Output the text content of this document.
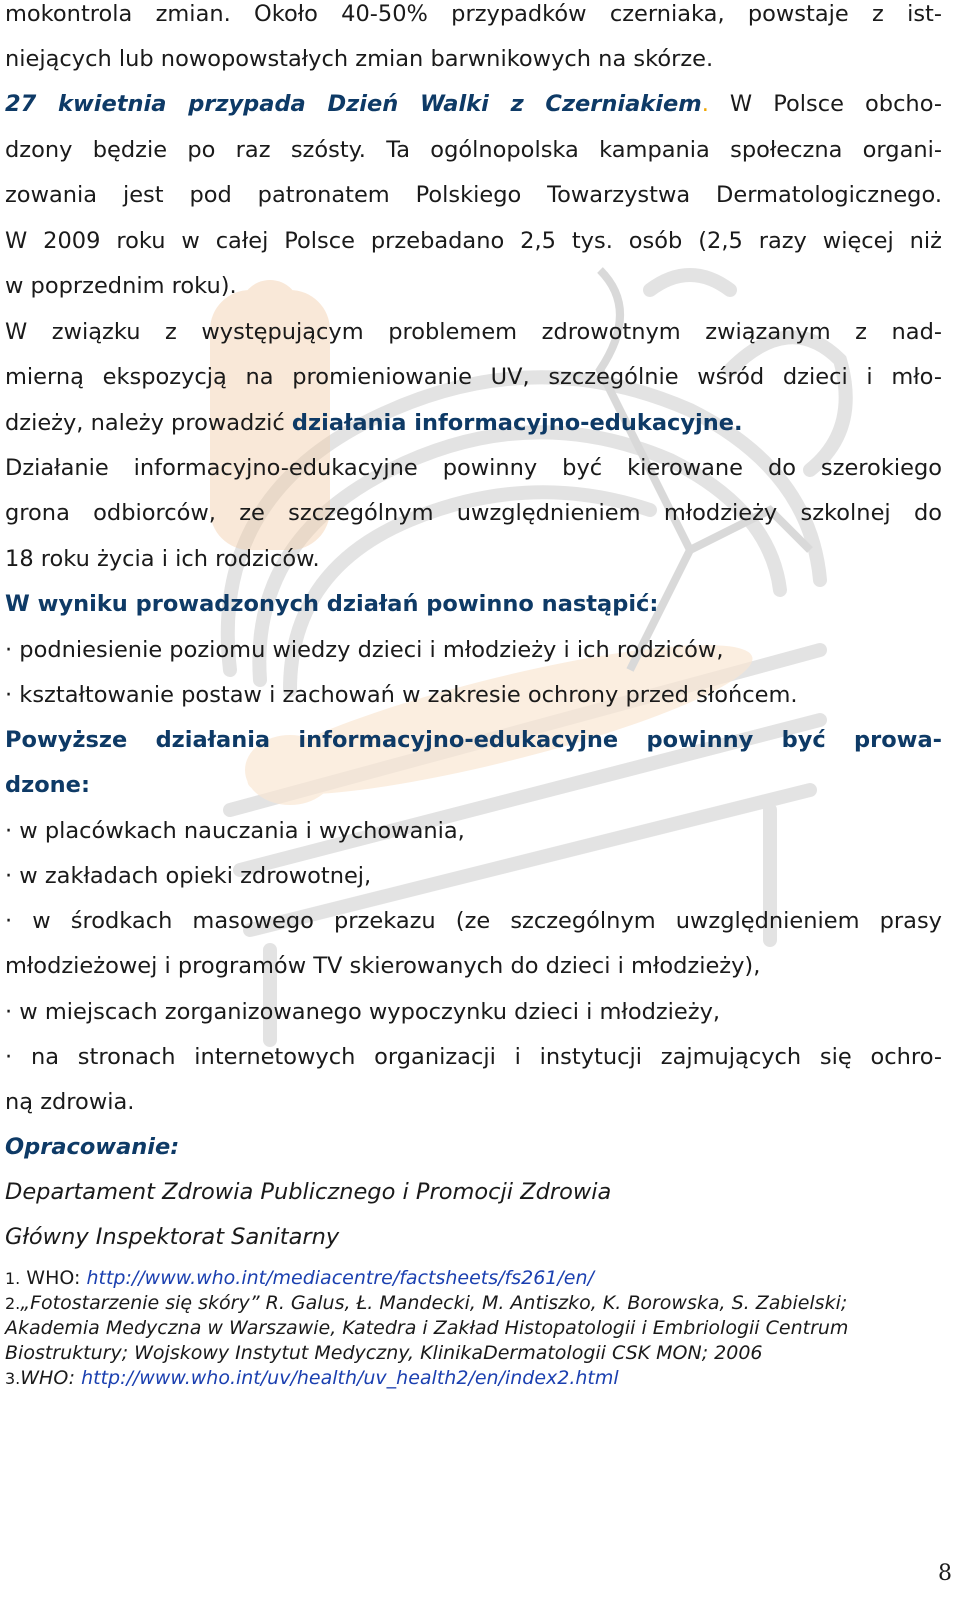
mokontrola zmian. Około 40-50% przypadków czerniaka, powstaje z ist-
niejących lub nowopowstałych zmian barwnikowych na skórze.
27 kwietnia przypada Dzień Walki z Czerniakiem. W Polsce obcho-
dzony będzie po raz szósty. Ta ogólnopolska kampania społeczna organi-
zowania jest pod patronatem Polskiego Towarzystwa Dermatologicznego.
W 2009 roku w całej Polsce przebadano 2,5 tys. osób (2,5 razy więcej niż
w poprzednim roku).
W związku z występującym problemem zdrowotnym związanym z nad-
mierną ekspozycją na promieniowanie UV, szczególnie wśród dzieci i mło-
dzieży, należy prowadzić działania informacyjno-edukacyjne.
Działanie informacyjno-edukacyjne powinny być kierowane do szerokiego
grona odbiorców, ze szczególnym uwzględnieniem młodzieży szkolnej do
18 roku życia i ich rodziców.
W wyniku prowadzonych działań powinno nastąpić:
· podniesienie poziomu wiedzy dzieci i młodzieży i ich rodziców,
· kształtowanie postaw i zachowań w zakresie ochrony przed słońcem.
Powyższe działania informacyjno-edukacyjne powinny być prowa-
dzone:
· w placówkach nauczania i wychowania,
· w zakładach opieki zdrowotnej,
· w środkach masowego przekazu (ze szczególnym uwzględnieniem prasy
młodzieżowej i programów TV skierowanych do dzieci i młodzieży),
· w miejscach zorganizowanego wypoczynku dzieci i młodzieży,
· na stronach internetowych organizacji i instytucji zajmujących się ochro-
ną zdrowia.
Opracowanie:
Departament Zdrowia Publicznego i Promocji Zdrowia
Główny Inspektorat Sanitarny
1. WHO: http://www.who.int/mediacentre/factsheets/fs261/en/
2.„Fotostarzenie się skóry” R. Galus, Ł. Mandecki, M. Antiszko, K. Borowska, S. Zabielski;
Akademia Medyczna w Warszawie, Katedra i Zakład Histopatologii i Embriologii Centrum
Biostruktury; Wojskowy Instytut Medyczny, KlinikaDermatologii CSK MON; 2006
3.WHO: http://www.who.int/uv/health/uv_health2/en/index2.html
8
